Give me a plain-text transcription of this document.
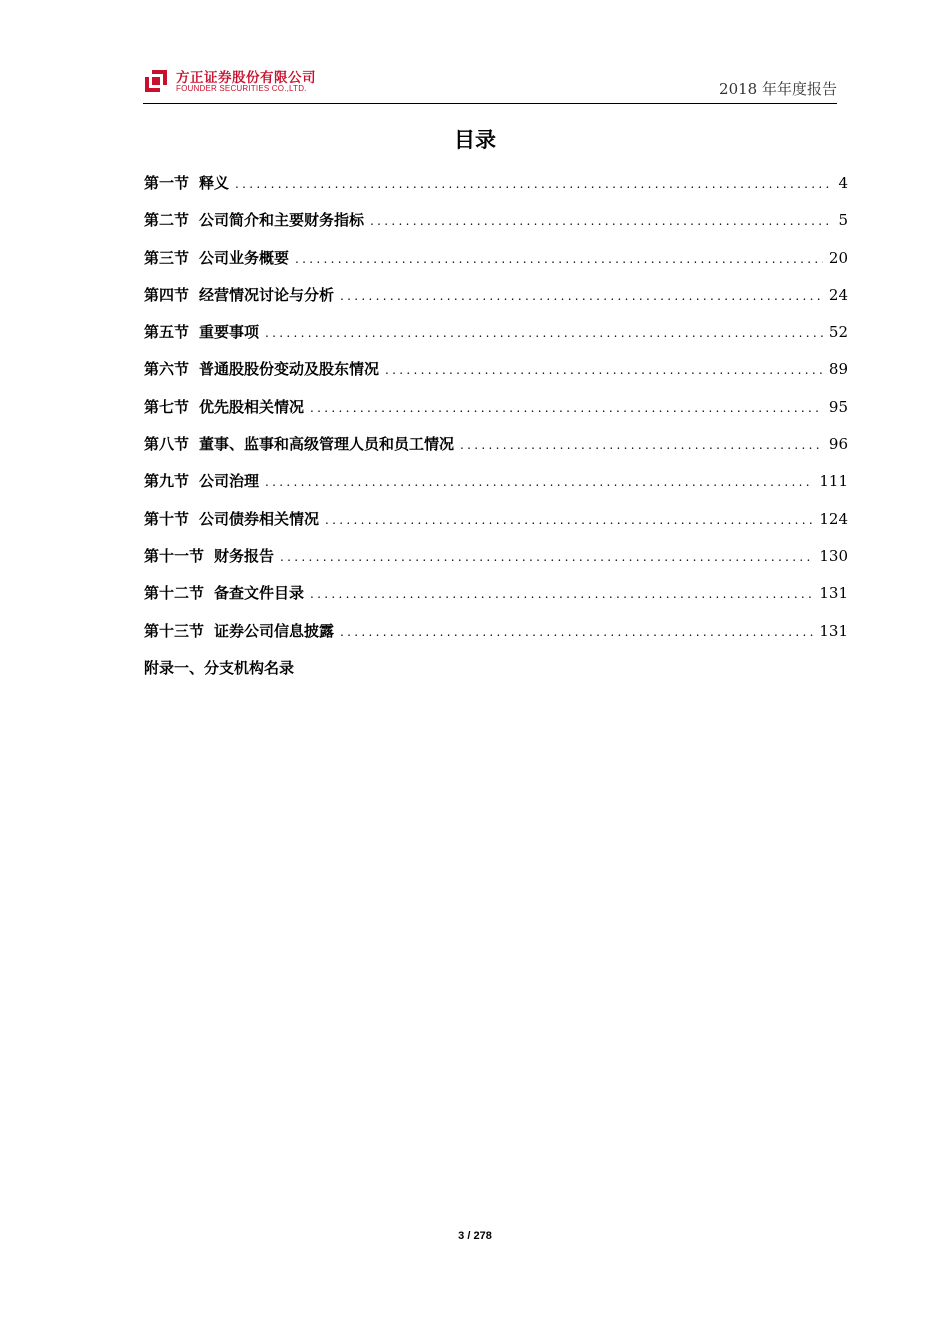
方正证券股份有限公司
FOUNDER SECURITIES CO.,LTD.	2018 年年度报告
目录
第一节 释义 .....	4
第二节 公司简介和主要财务指标 .....	5
第三节 公司业务概要 .....	20
第四节 经营情况讨论与分析 .....	24
第五节 重要事项 .....	52
第六节 普通股股份变动及股东情况 .....	89
第七节 优先股相关情况 .....	95
第八节 董事、监事和高级管理人员和员工情况 .....	96
第九节 公司治理 .....	111
第十节 公司债券相关情况 .....	124
第十一节 财务报告 .....	130
第十二节 备查文件目录 .....	131
第十三节 证券公司信息披露 .....	131
附录一、分支机构名录
3 / 278
